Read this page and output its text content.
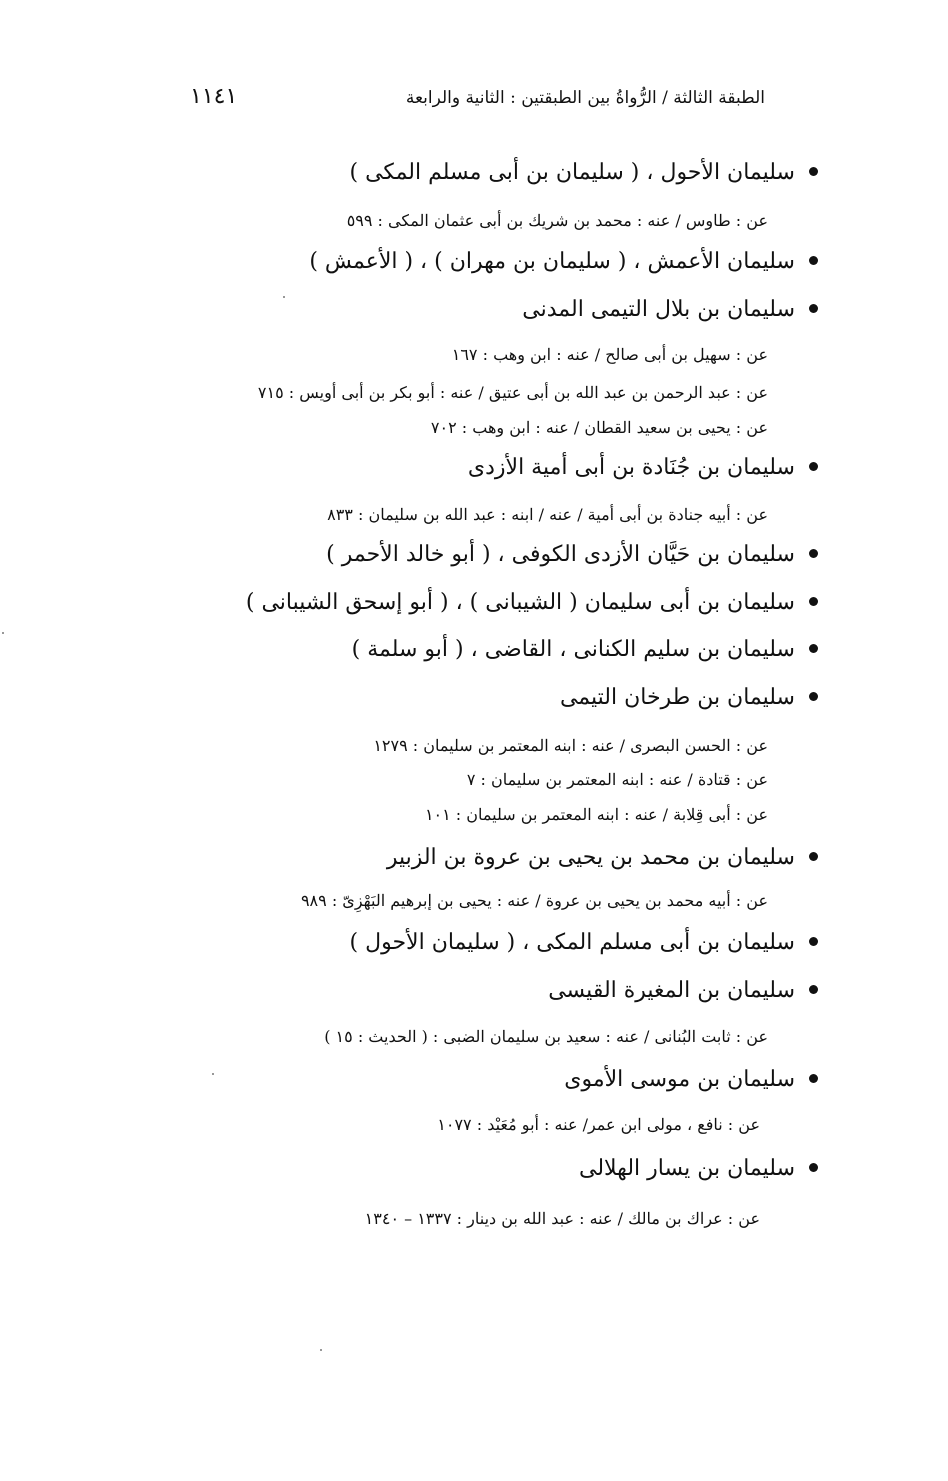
الطبقة الثالثة / الرُّواةُ بين الطبقتين : الثانية والرابعة
١١٤١
سليمان الأحول ، ( سليمان بن أبى مسلم المكى )
عن : طاوس / عنه : محمد بن شريك بن أبى عثمان المكى : ٥٩٩
سليمان الأعمش ، ( سليمان بن مهران ) ، ( الأعمش )
سليمان بن بلال التيمى المدنى
عن : سهيل بن أبى صالح / عنه : ابن وهب : ١٦٧
عن : عبد الرحمن بن عبد الله بن أبى عتيق / عنه : أبو بكر بن أبى أويس : ٧١٥
عن : يحيى بن سعيد القطان / عنه : ابن وهب : ٧٠٢
سليمان بن جُنَادة بن أبى أمية الأزدى
عن : أبيه جنادة بن أبى أمية / عنه / ابنه : عبد الله بن سليمان : ٨٣٣
سليمان بن حَيَّان الأزدى الكوفى ، ( أبو خالد الأحمر )
سليمان بن أبى سليمان ( الشيبانى ) ، ( أبو إسحق الشيبانى )
سليمان بن سليم الكنانى ، القاضى ، ( أبو سلمة )
سليمان بن طرخان التيمى
عن : الحسن البصرى / عنه : ابنه المعتمر بن سليمان : ١٢٧٩
عن : قتادة / عنه : ابنه المعتمر بن سليمان : ٧
عن : أبى قِلابة / عنه : ابنه المعتمر بن سليمان : ١٠١
سليمان بن محمد بن يحيى بن عروة بن الزبير
عن : أبيه محمد بن يحيى بن عروة / عنه : يحيى بن إبرهيم البَهْزِىّ : ٩٨٩
سليمان بن أبى مسلم المكى ، ( سليمان الأحول )
سليمان بن المغيرة القيسى
عن : ثابت البُنانى / عنه : سعيد بن سليمان الضبى : ( الحديث : ١٥ )
سليمان بن موسى الأموى
عن : نافع ، مولى ابن عمر/ عنه : أبو مُعَيْد : ١٠٧٧
سليمان بن يسار الهلالى
عن : عراك بن مالك / عنه : عبد الله بن دينار : ١٣٣٧ – ١٣٤٠
